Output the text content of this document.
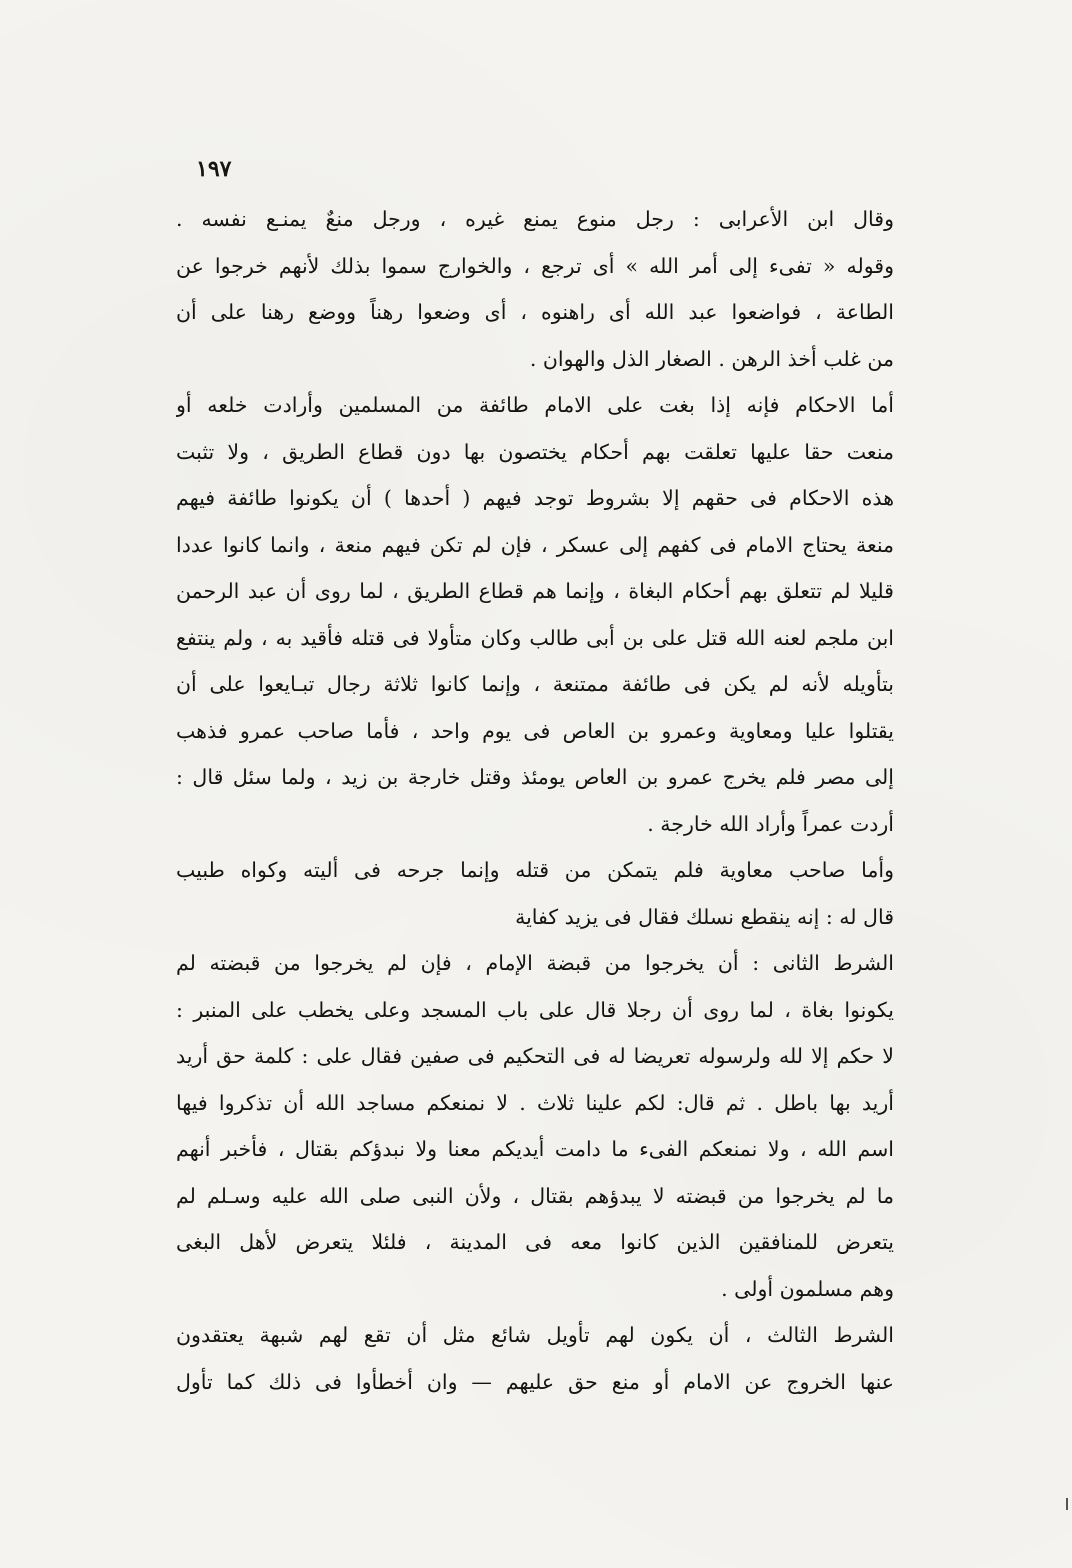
١٩٧
وقال ابن الأعرابى : رجل منوع يمنع غيره ، ورجل منعٌ يمنـع نفسه .
وقوله « تفىء إلى أمر الله » أى ترجع ، والخوارج سموا بذلك لأنهم خرجوا عن
الطاعة ، فواضعوا عبد الله أى راهنوه ، أى وضعوا رهناً ووضع رهنا على أن
من غلب أخذ الرهن . الصغار الذل والهوان .
أما الاحكام فإنه إذا بغت على الامام طائفة من المسلمين وأرادت خلعه أو
منعت حقا عليها تعلقت بهم أحكام يختصون بها دون قطاع الطريق ، ولا تثبت
هذه الاحكام فى حقهم إلا بشروط توجد فيهم ( أحدها ) أن يكونوا طائفة فيهم
منعة يحتاج الامام فى كفهم إلى عسكر ، فإن لم تكن فيهم منعة ، وانما كانوا عددا
قليلا لم تتعلق بهم أحكام البغاة ، وإنما هم قطاع الطريق ، لما روى أن عبد الرحمن
ابن ملجم لعنه الله قتل على بن أبى طالب وكان متأولا فى قتله فأقيد به ، ولم ينتفع
بتأويله لأنه لم يكن فى طائفة ممتنعة ، وإنما كانوا ثلاثة رجال تبـايعوا على أن
يقتلوا عليا ومعاوية وعمرو بن العاص فى يوم واحد ، فأما صاحب عمرو فذهب
إلى مصر فلم يخرج عمرو بن العاص يومئذ وقتل خارجة بن زيد ، ولما سئل قال :
أردت عمراً وأراد الله خارجة .
وأما صاحب معاوية فلم يتمكن من قتله وإنما جرحه فى أليته وكواه طبيب
قال له : إنه ينقطع نسلك فقال فى يزيد كفاية
الشرط الثانى : أن يخرجوا من قبضة الإمام ، فإن لم يخرجوا من قبضته لم
يكونوا بغاة ، لما روى أن رجلا قال على باب المسجد وعلى يخطب على المنبر :
لا حكم إلا لله ولرسوله تعريضا له فى التحكيم فى صفين فقال على : كلمة حق أريد
أريد بها باطل . ثم قال: لكم علينا ثلاث . لا نمنعكم مساجد الله أن تذكروا فيها
اسم الله ، ولا نمنعكم الفىء ما دامت أيديكم معنا ولا نبدؤكم بقتال ، فأخبر أنهم
ما لم يخرجوا من قبضته لا يبدؤهم بقتال ، ولأن النبى صلى الله عليه وسـلم لم
يتعرض للمنافقين الذين كانوا معه فى المدينة ، فلئلا يتعرض لأهل البغى
وهم مسلمون أولى .
الشرط الثالث ، أن يكون لهم تأويل شائع مثل أن تقع لهم شبهة يعتقدون
عنها الخروج عن الامام أو منع حق عليهم — وان أخطأوا فى ذلك كما تأول
